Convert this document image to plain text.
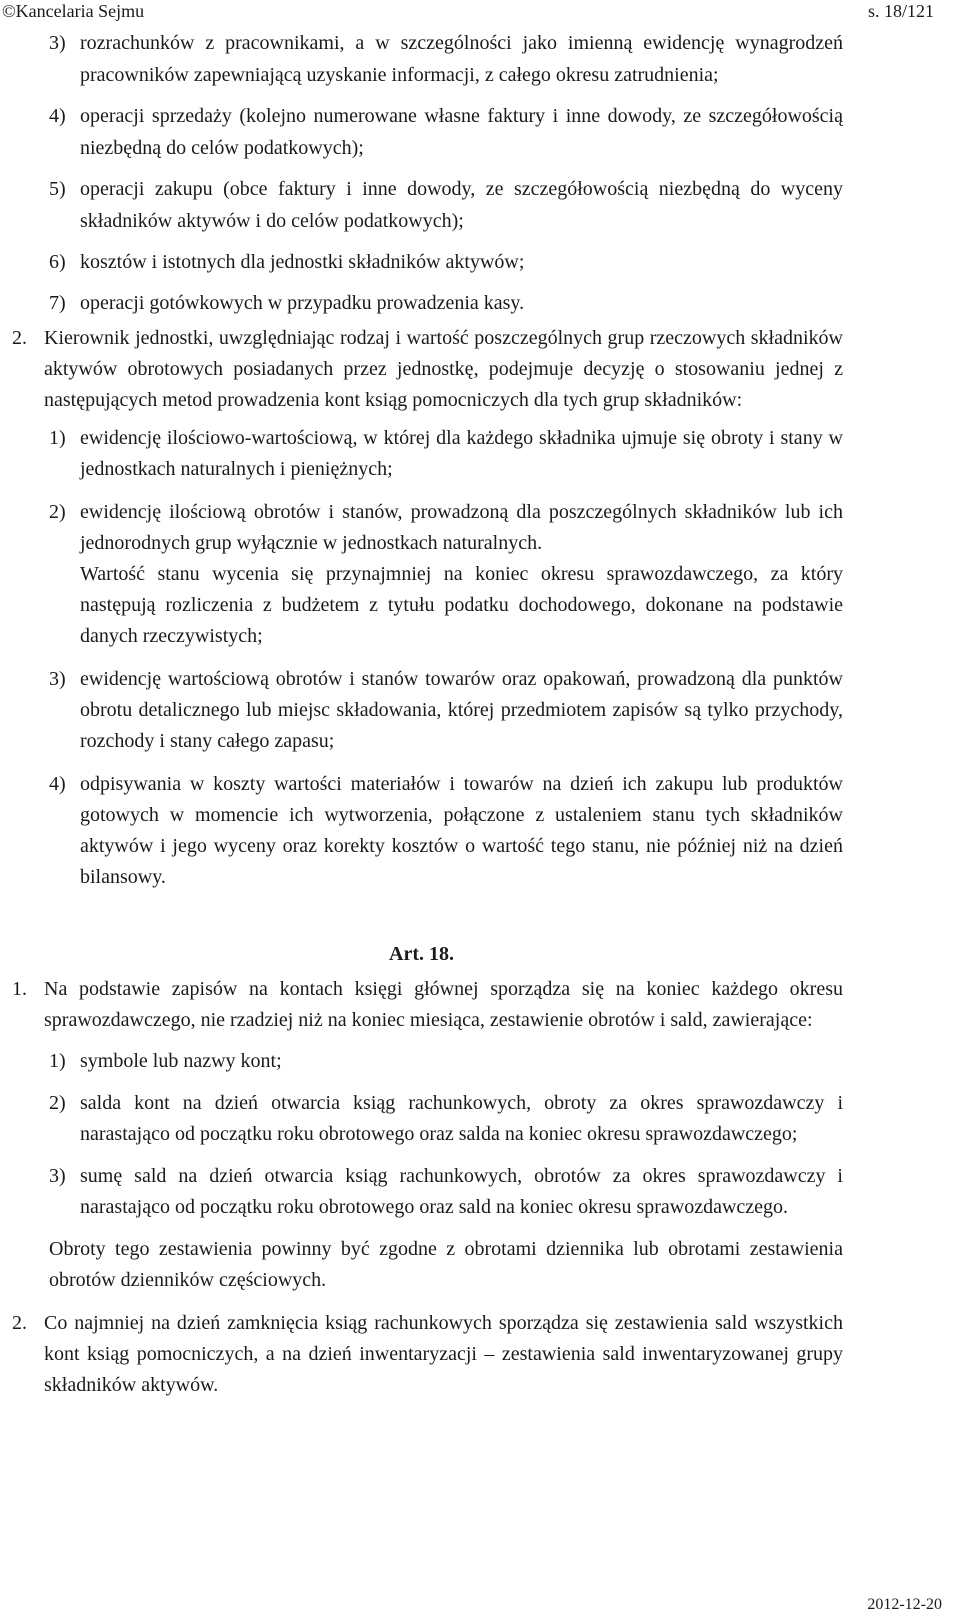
©Kancelaria Sejmu	s. 18/121
3) rozrachunków z pracownikami, a w szczególności jako imienną ewidencję wynagrodzeń pracowników zapewniającą uzyskanie informacji, z całego okresu zatrudnienia;
4) operacji sprzedaży (kolejno numerowane własne faktury i inne dowody, ze szczegółowością niezbędną do celów podatkowych);
5) operacji zakupu (obce faktury i inne dowody, ze szczegółowością niezbędną do wyceny składników aktywów i do celów podatkowych);
6) kosztów i istotnych dla jednostki składników aktywów;
7) operacji gotówkowych w przypadku prowadzenia kasy.
2. Kierownik jednostki, uwzględniając rodzaj i wartość poszczególnych grup rzeczowych składników aktywów obrotowych posiadanych przez jednostkę, podejmuje decyzję o stosowaniu jednej z następujących metod prowadzenia kont ksiąg pomocniczych dla tych grup składników:
1) ewidencję ilościowo-wartościową, w której dla każdego składnika ujmuje się obroty i stany w jednostkach naturalnych i pieniężnych;
2) ewidencję ilościową obrotów i stanów, prowadzoną dla poszczególnych składników lub ich jednorodnych grup wyłącznie w jednostkach naturalnych.
Wartość stanu wycenia się przynajmniej na koniec okresu sprawozdawczego, za który następują rozliczenia z budżetem z tytułu podatku dochodowego, dokonane na podstawie danych rzeczywistych;
3) ewidencję wartościową obrotów i stanów towarów oraz opakowań, prowadzoną dla punktów obrotu detalicznego lub miejsc składowania, której przedmiotem zapisów są tylko przychody, rozchody i stany całego zapasu;
4) odpisywania w koszty wartości materiałów i towarów na dzień ich zakupu lub produktów gotowych w momencie ich wytworzenia, połączone z ustaleniem stanu tych składników aktywów i jego wyceny oraz korekty kosztów o wartość tego stanu, nie później niż na dzień bilansowy.
Art. 18.
1. Na podstawie zapisów na kontach księgi głównej sporządza się na koniec każdego okresu sprawozdawczego, nie rzadziej niż na koniec miesiąca, zestawienie obrotów i sald, zawierające:
1) symbole lub nazwy kont;
2) salda kont na dzień otwarcia ksiąg rachunkowych, obroty za okres sprawozdawczy i narastająco od początku roku obrotowego oraz salda na koniec okresu sprawozdawczego;
3) sumę sald na dzień otwarcia ksiąg rachunkowych, obrotów za okres sprawozdawczy i narastająco od początku roku obrotowego oraz sald na koniec okresu sprawozdawczego.
Obroty tego zestawienia powinny być zgodne z obrotami dziennika lub obrotami zestawienia obrotów dzienników częściowych.
2. Co najmniej na dzień zamknięcia ksiąg rachunkowych sporządza się zestawienia sald wszystkich kont ksiąg pomocniczych, a na dzień inwentaryzacji – zestawienia sald inwentaryzowanej grupy składników aktywów.
2012-12-20
